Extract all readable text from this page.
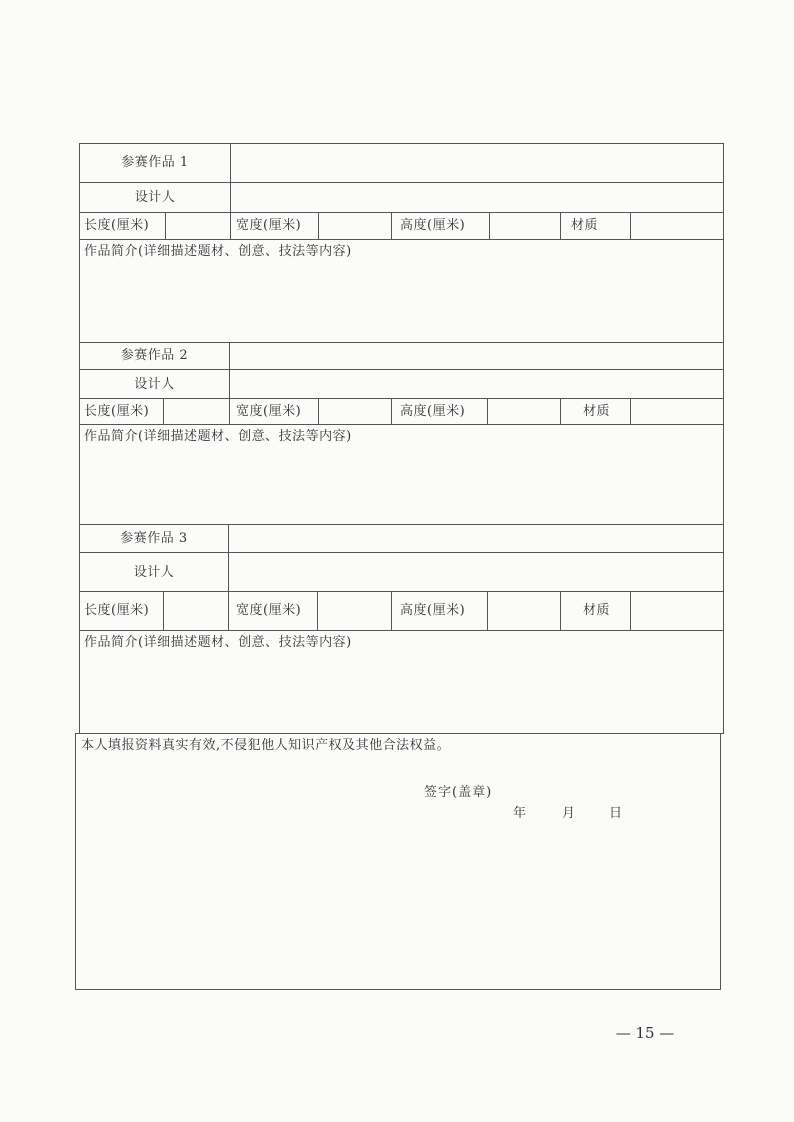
参赛作品 1
设计人
长度(厘米)	宽度(厘米)	高度(厘米)	材质
作品简介(详细描述题材、创意、技法等内容)
参赛作品 2
设计人
长度(厘米)	宽度(厘米)	高度(厘米)	材质
作品简介(详细描述题材、创意、技法等内容)
参赛作品 3
设计人
长度(厘米)	宽度(厘米)	高度(厘米)	材质
作品简介(详细描述题材、创意、技法等内容)
本人填报资料真实有效,不侵犯他人知识产权及其他合法权益。
签字(盖章)
年	月	日
— 15 —
